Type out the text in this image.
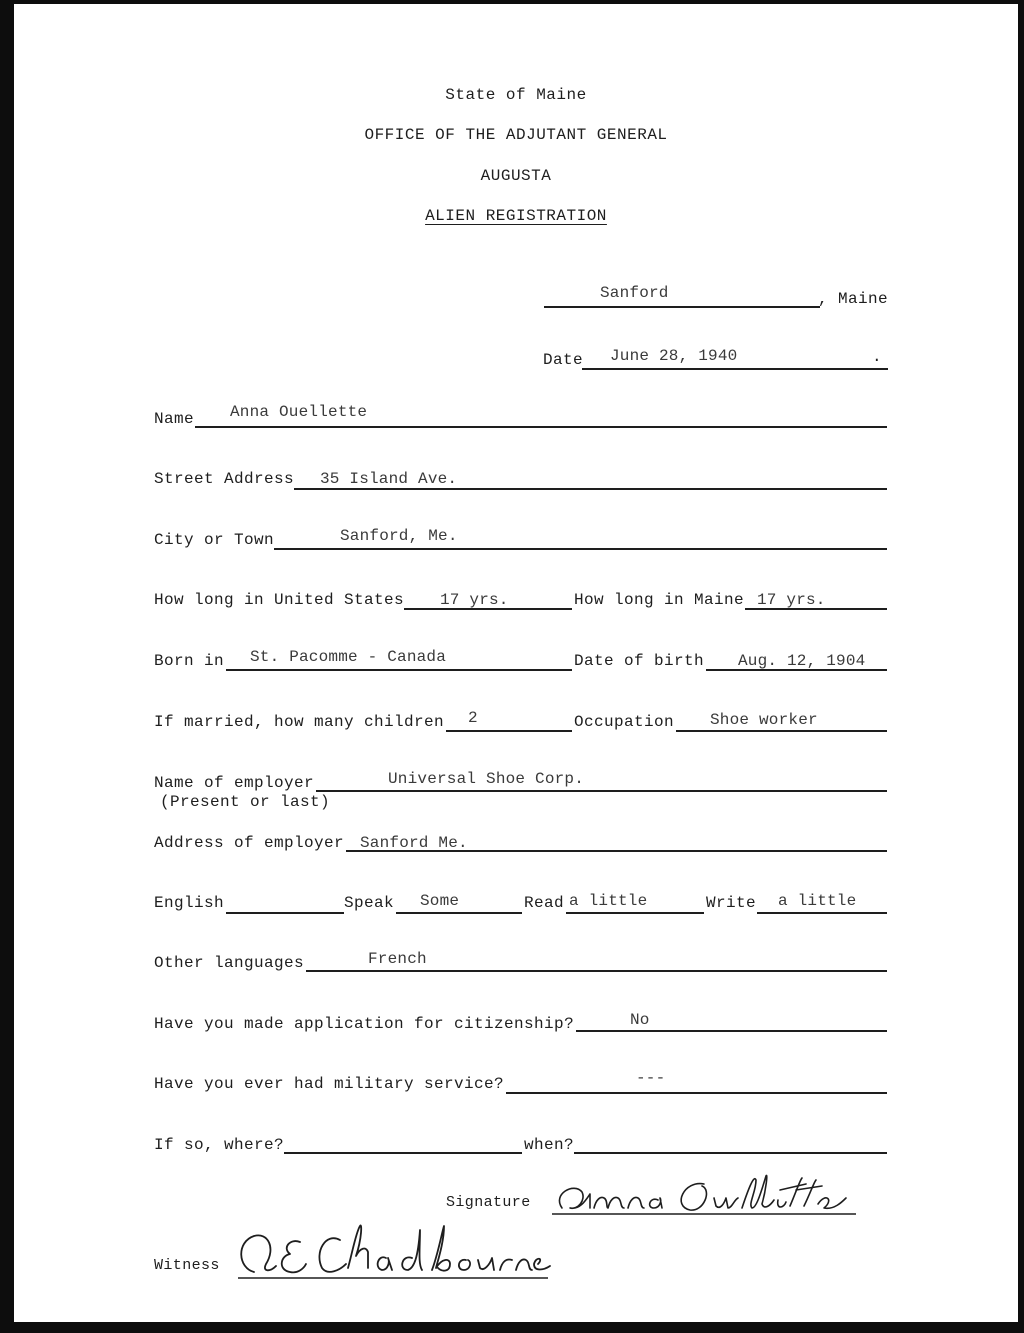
State of Maine
OFFICE OF THE ADJUTANT GENERAL
AUGUSTA
ALIEN REGISTRATION
Sanford	, Maine
Date June 28, 1940	.
Name Anna Ouellette
Street Address 35 Island Ave.
City or Town	Sanford, Me.
How long in United States 17 yrs.	How long in Maine 17 yrs.
Born in St. Pacomme - Canada	Date of birth Aug. 12, 1904
If married, how many children 2	Occupation Shoe worker
Name of employer
(Present or last)
Universal Shoe Corp.
Address of employer Sanford Me.
English	Speak Some	Read a little	Write a little
Other languages	French
Have you made application for citizenship?	No
Have you ever had military service?	---
If so, where?	when?
Signature
Witness
